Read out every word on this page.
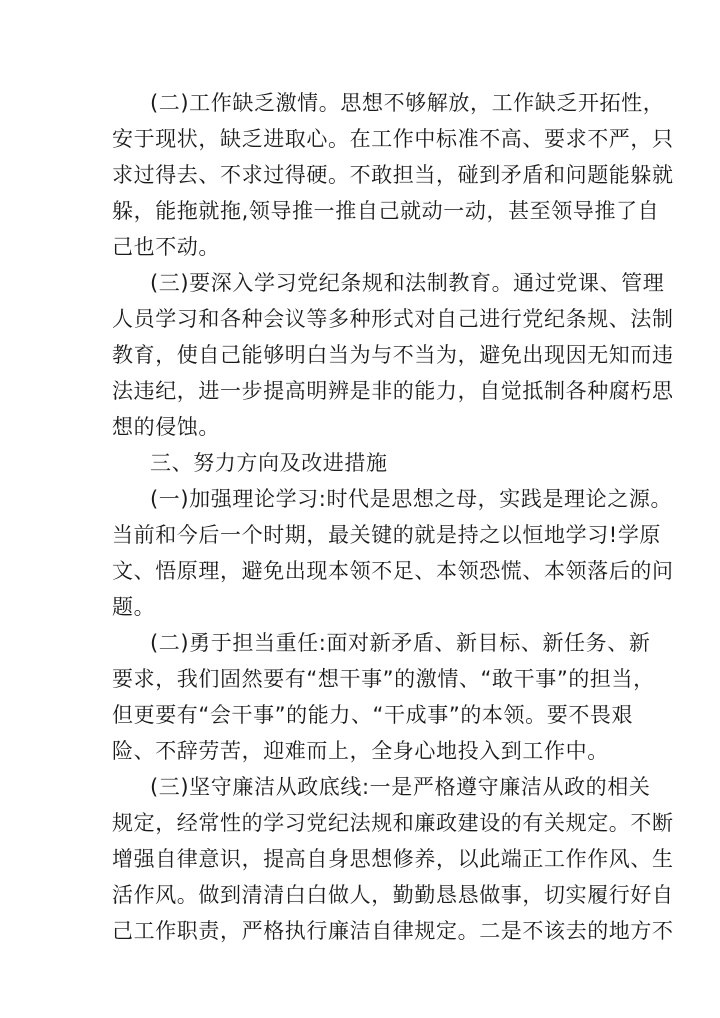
(二)工作缺乏激情。思想不够解放，工作缺乏开拓性，
安于现状，缺乏进取心。在工作中标准不高、要求不严，只
求过得去、不求过得硬。不敢担当，碰到矛盾和问题能躲就
躲，能拖就拖,领导推一推自己就动一动，甚至领导推了自
己也不动。
(三)要深入学习党纪条规和法制教育。通过党课、管理
人员学习和各种会议等多种形式对自己进行党纪条规、法制
教育，使自己能够明白当为与不当为，避免出现因无知而违
法违纪，进一步提高明辨是非的能力，自觉抵制各种腐朽思
想的侵蚀。
三、努力方向及改进措施
(一)加强理论学习:时代是思想之母，实践是理论之源。
当前和今后一个时期，最关键的就是持之以恒地学习!学原
文、悟原理，避免出现本领不足、本领恐慌、本领落后的问
题。
(二)勇于担当重任:面对新矛盾、新目标、新任务、新
要求，我们固然要有“想干事”的激情、“敢干事”的担当，
但更要有“会干事”的能力、“干成事”的本领。要不畏艰
险、不辞劳苦，迎难而上，全身心地投入到工作中。
(三)坚守廉洁从政底线:一是严格遵守廉洁从政的相关
规定，经常性的学习党纪法规和廉政建设的有关规定。不断
增强自律意识，提高自身思想修养，以此端正工作作风、生
活作风。做到清清白白做人，勤勤恳恳做事，切实履行好自
己工作职责，严格执行廉洁自律规定。二是不该去的地方不
